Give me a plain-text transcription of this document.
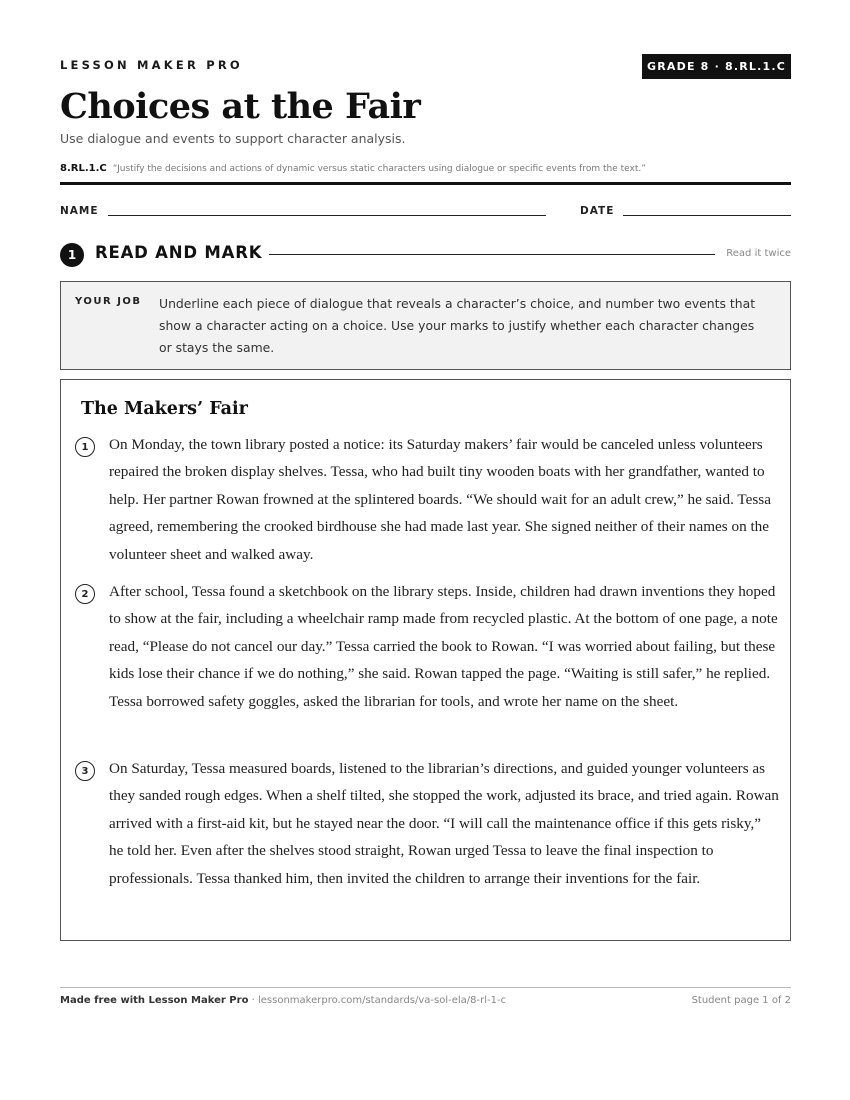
LESSON MAKER PRO	GRADE 8 · 8.RL.1.C
Choices at the Fair
Use dialogue and events to support character analysis.
8.RL.1.C “Justify the decisions and actions of dynamic versus static characters using dialogue or specific events from the text.”
NAME	DATE
1	READ AND MARK	Read it twice
YOUR JOB Underline each piece of dialogue that reveals a character’s choice, and number two events that show a character acting on a choice. Use your marks to justify whether each character changes or stays the same.
The Makers’ Fair
1	On Monday, the town library posted a notice: its Saturday makers’ fair would be canceled unless volunteers repaired the broken display shelves. Tessa, who had built tiny wooden boats with her grandfather, wanted to help. Her partner Rowan frowned at the splintered boards. “We should wait for an adult crew,” he said. Tessa agreed, remembering the crooked birdhouse she had made last year. She signed neither of their names on the volunteer sheet and walked away.

2	After school, Tessa found a sketchbook on the library steps. Inside, children had drawn inventions they hoped to show at the fair, including a wheelchair ramp made from recycled plastic. At the bottom of one page, a note read, “Please do not cancel our day.” Tessa carried the book to Rowan. “I was worried about failing, but these kids lose their chance if we do nothing,” she said. Rowan tapped the page. “Waiting is still safer,” he replied. Tessa borrowed safety goggles, asked the librarian for tools, and wrote her name on the sheet.

3	On Saturday, Tessa measured boards, listened to the librarian’s directions, and guided younger volunteers as they sanded rough edges. When a shelf tilted, she stopped the work, adjusted its brace, and tried again. Rowan arrived with a first-aid kit, but he stayed near the door. “I will call the maintenance office if this gets risky,” he told her. Even after the shelves stood straight, Rowan urged Tessa to leave the final inspection to professionals. Tessa thanked him, then invited the children to arrange their inventions for the fair.

Made free with Lesson Maker Pro · lessonmakerpro.com/standards/va-sol-ela/8-rl-1-c	Student page 1 of 2
